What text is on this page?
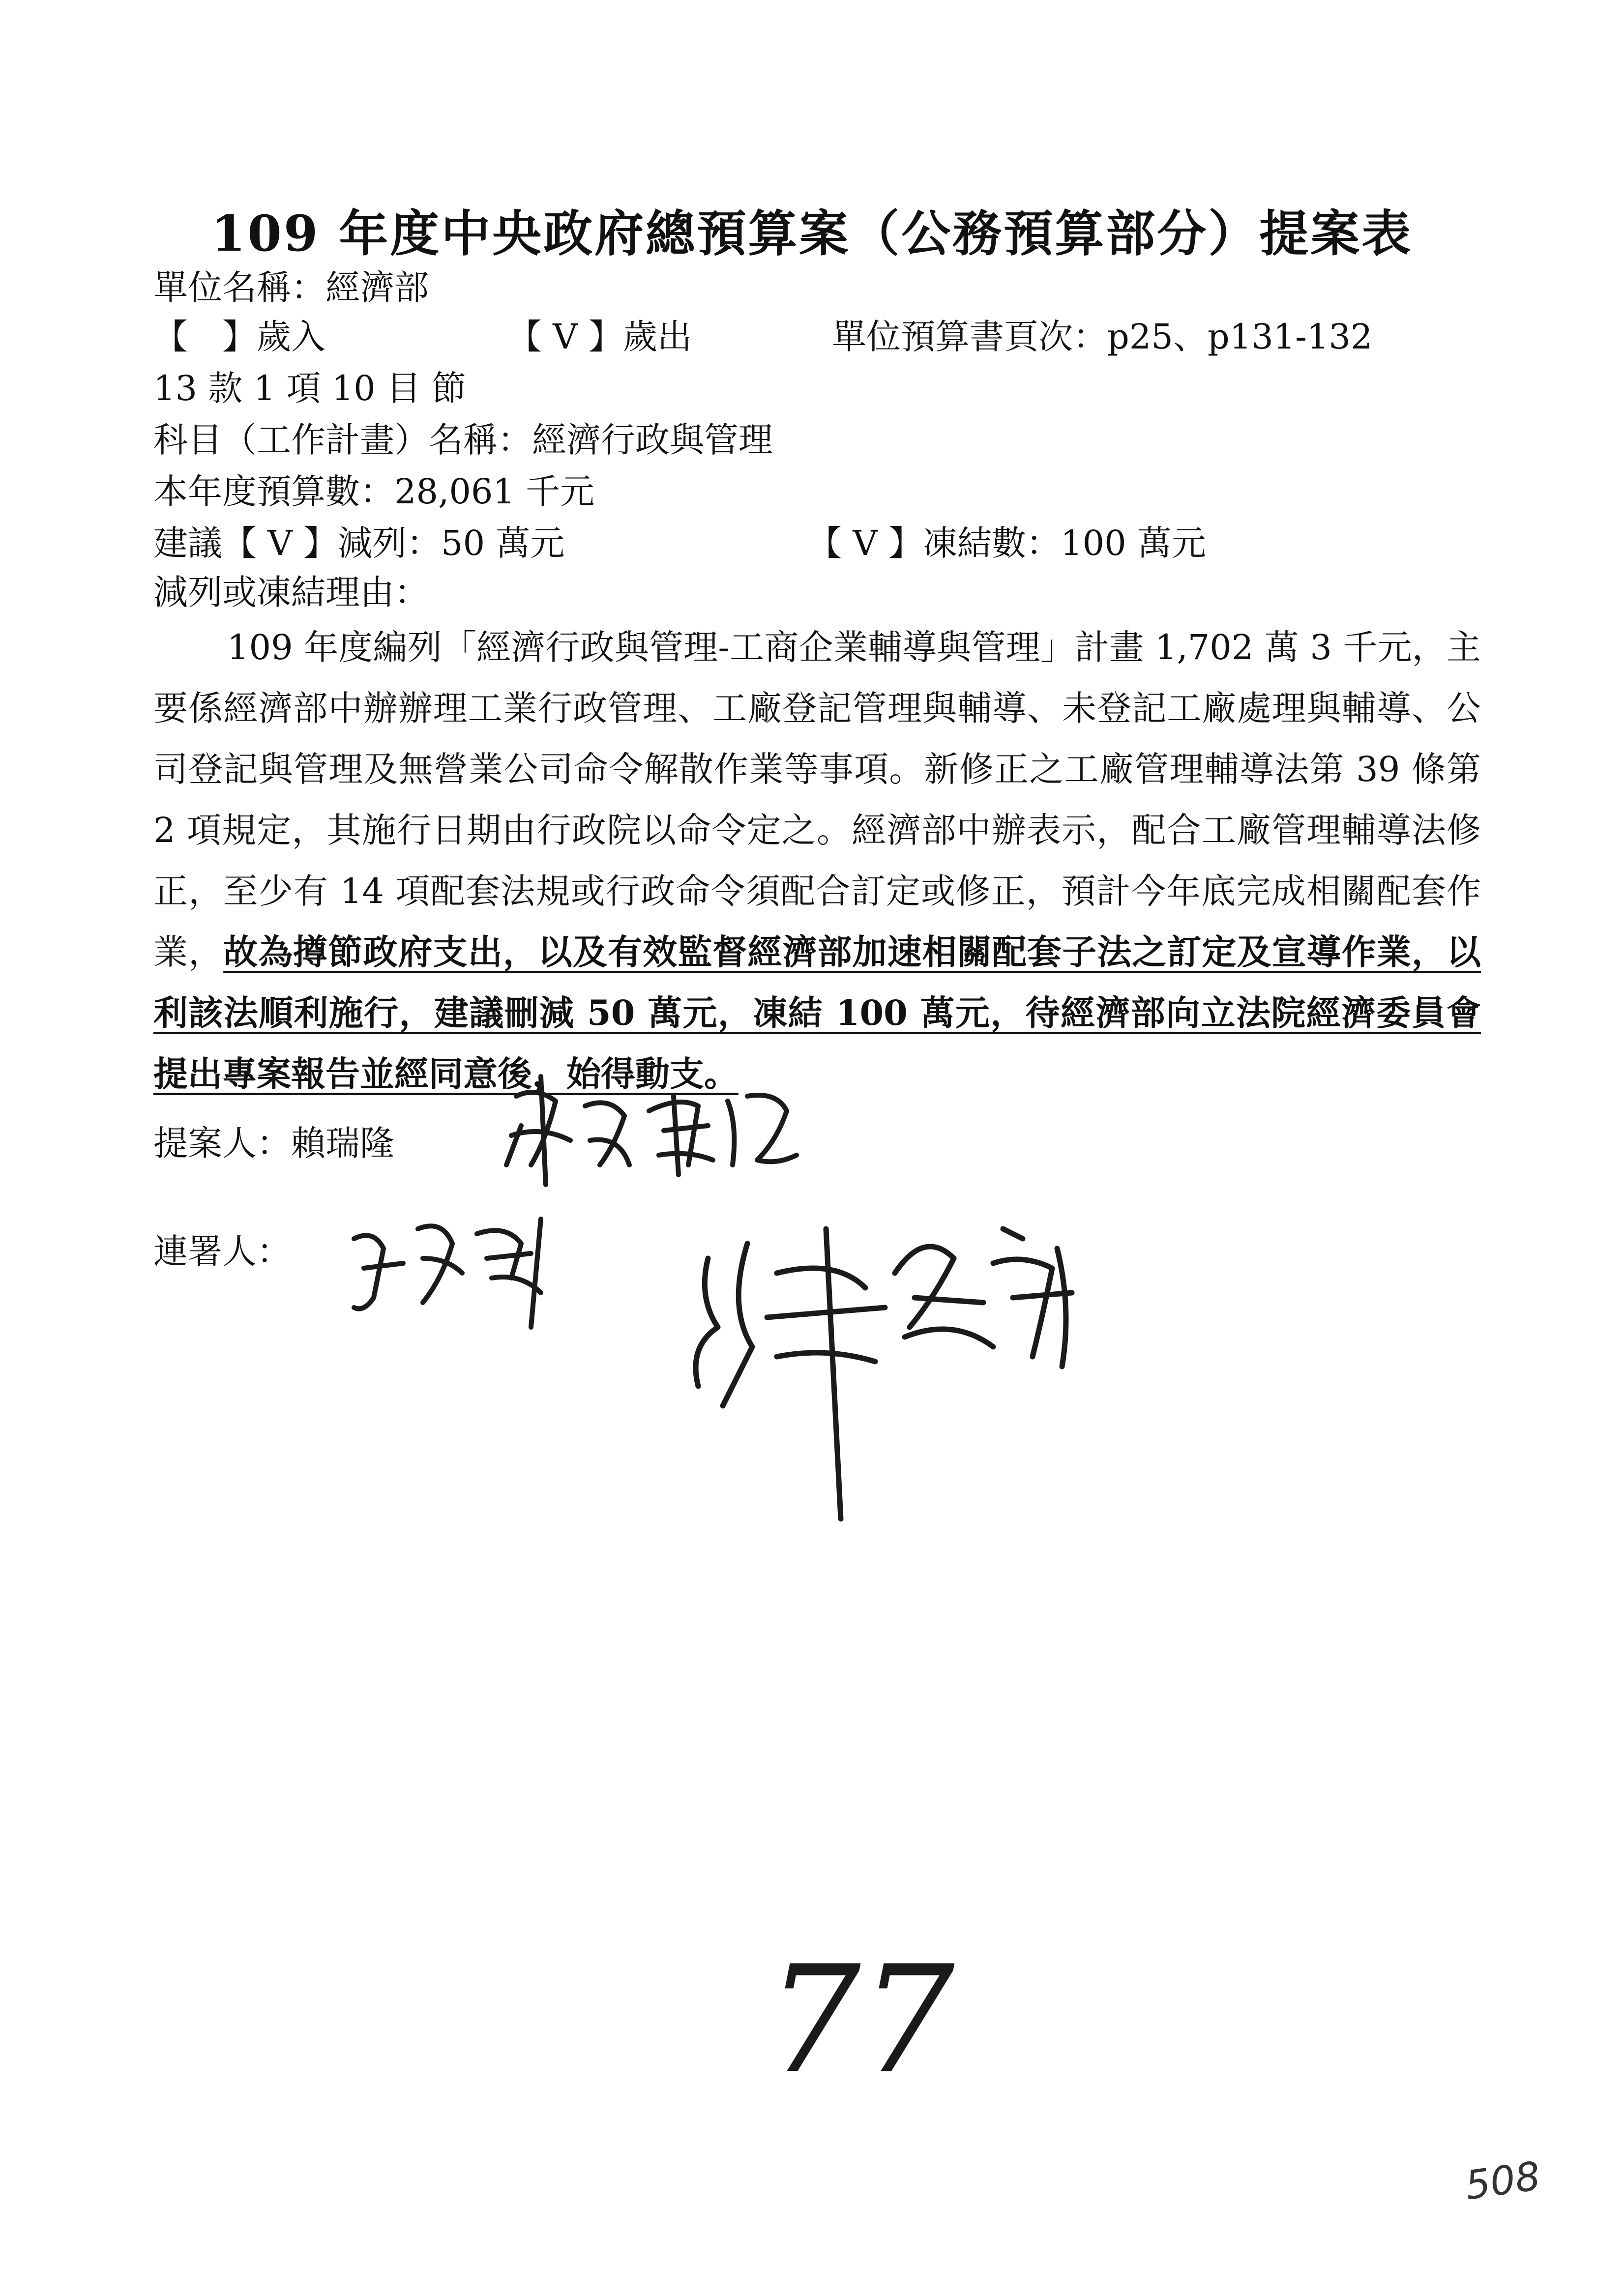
109 年度中央政府總預算案（公務預算部分）提案表
單位名稱：經濟部
【　】歲入	【 V 】歲出	單位預算書頁次：p25、p131-132
13 款 1 項 10 目 節
科目（工作計畫）名稱：經濟行政與管理
本年度預算數：28,061 千元
建議【 V 】減列：50 萬元	【 V 】凍結數：100 萬元
減列或凍結理由：
109 年度編列「經濟行政與管理-工商企業輔導與管理」計畫 1,702 萬 3 千元，主要係經濟部中辦辦理工業行政管理、工廠登記管理與輔導、未登記工廠處理與輔導、公司登記與管理及無營業公司命令解散作業等事項。新修正之工廠管理輔導法第 39 條第 2 項規定，其施行日期由行政院以命令定之。經濟部中辦表示，配合工廠管理輔導法修正，至少有 14 項配套法規或行政命令須配合訂定或修正，預計今年底完成相關配套作業，故為撙節政府支出，以及有效監督經濟部加速相關配套子法之訂定及宣導作業，以利該法順利施行，建議刪減 50 萬元，凍結 100 萬元，待經濟部向立法院經濟委員會提出專案報告並經同意後，始得動支。
提案人：賴瑞隆
連署人：
77
508
